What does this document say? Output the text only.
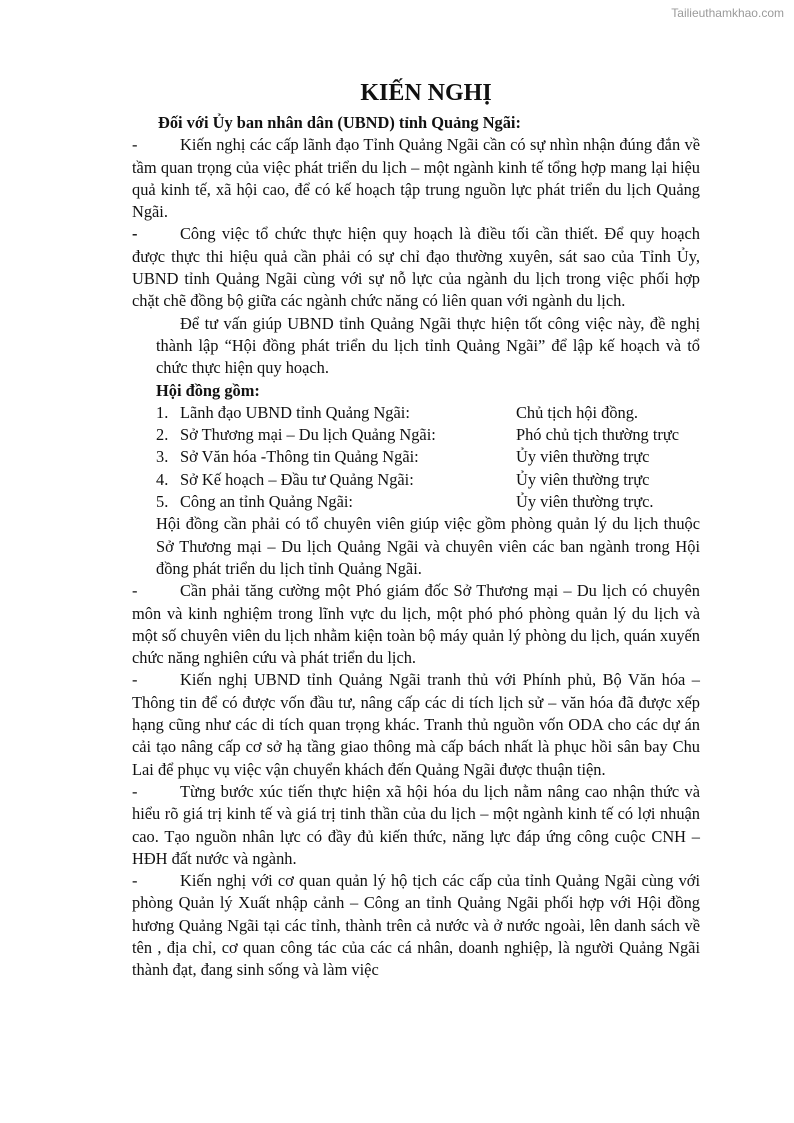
Tailieuthamkhao.com
KIẾN NGHỊ

Đối với Ủy ban nhân dân (UBND) tỉnh Quảng Ngãi:

-	Kiến nghị các cấp lãnh đạo Tỉnh Quảng Ngãi cần có sự nhìn nhận đúng đắn về tầm quan trọng của việc phát triển du lịch – một ngành kinh tế tổng hợp mang lại hiệu quả kinh tế, xã hội cao, để có kế hoạch tập trung nguồn lực phát triển du lịch Quảng Ngãi.

-	Công việc tổ chức thực hiện quy hoạch là điều tối cần thiết. Để quy hoạch được thực thi hiệu quả cần phải có sự chỉ đạo thường xuyên, sát sao của Tỉnh Ủy, UBND tỉnh Quảng Ngãi cùng với sự nỗ lực của ngành du lịch trong việc phối hợp chặt chẽ đồng bộ giữa các ngành chức năng có liên quan với ngành du lịch.

Để tư vấn giúp UBND tỉnh Quảng Ngãi thực hiện tốt công việc này, đề nghị thành lập “Hội đồng phát triển du lịch tỉnh Quảng Ngãi” để lập kế hoạch và tổ chức thực hiện quy hoạch.

Hội đồng gồm:

1. Lãnh đạo UBND tỉnh Quảng Ngãi:	Chủ tịch hội đồng.
2. Sở Thương mại – Du lịch Quảng Ngãi:	Phó chủ tịch thường trực
3. Sở Văn hóa -Thông tin Quảng Ngãi:	Ủy viên thường trực
4. Sở Kế hoạch – Đầu tư Quảng Ngãi:	Ủy viên thường trực
5. Công an tỉnh Quảng Ngãi:	Ủy viên thường trực.

Hội đồng cần phải có tổ chuyên viên giúp việc gồm phòng quản lý du lịch thuộc Sở Thương mại – Du lịch Quảng Ngãi và chuyên viên các ban ngành trong Hội đồng phát triển du lịch tỉnh Quảng Ngãi.

-	Cần phải tăng cường một Phó giám đốc Sở Thương mại – Du lịch có chuyên môn và kinh nghiệm trong lĩnh vực du lịch, một phó phó phòng quản lý du lịch và một số chuyên viên du lịch nhằm kiện toàn bộ máy quản lý phòng du lịch, quán xuyến chức năng nghiên cứu và phát triển du lịch.

-	Kiến nghị UBND tỉnh Quảng Ngãi tranh thủ với Phính phủ, Bộ Văn hóa – Thông tin để có được vốn đầu tư, nâng cấp các di tích lịch sử – văn hóa đã được xếp hạng cũng như các di tích quan trọng khác. Tranh thủ nguồn vốn ODA cho các dự án cải tạo nâng cấp cơ sở hạ tầng giao thông mà cấp bách nhất là phục hồi sân bay Chu Lai để phục vụ việc vận chuyển khách đến Quảng Ngãi được thuận tiện.

-	Từng bước xúc tiến thực hiện xã hội hóa du lịch nằm nâng cao nhận thức và hiểu rõ giá trị kinh tế và giá trị tinh thần của du lịch – một ngành kinh tế có lợi nhuận cao. Tạo nguồn nhân lực có đầy đủ kiến thức, năng lực đáp ứng công cuộc CNH – HĐH đất nước và ngành.

-	Kiến nghị với cơ quan quản lý hộ tịch các cấp của tỉnh Quảng Ngãi cùng với phòng Quản lý Xuất nhập cảnh – Công an tỉnh Quảng Ngãi phối hợp với Hội đồng hương Quảng Ngãi tại các tỉnh, thành trên cả nước và ở nước ngoài, lên danh sách về tên , địa chỉ, cơ quan công tác của các cá nhân, doanh nghiệp, là người Quảng Ngãi thành đạt, đang sinh sống và làm việc
